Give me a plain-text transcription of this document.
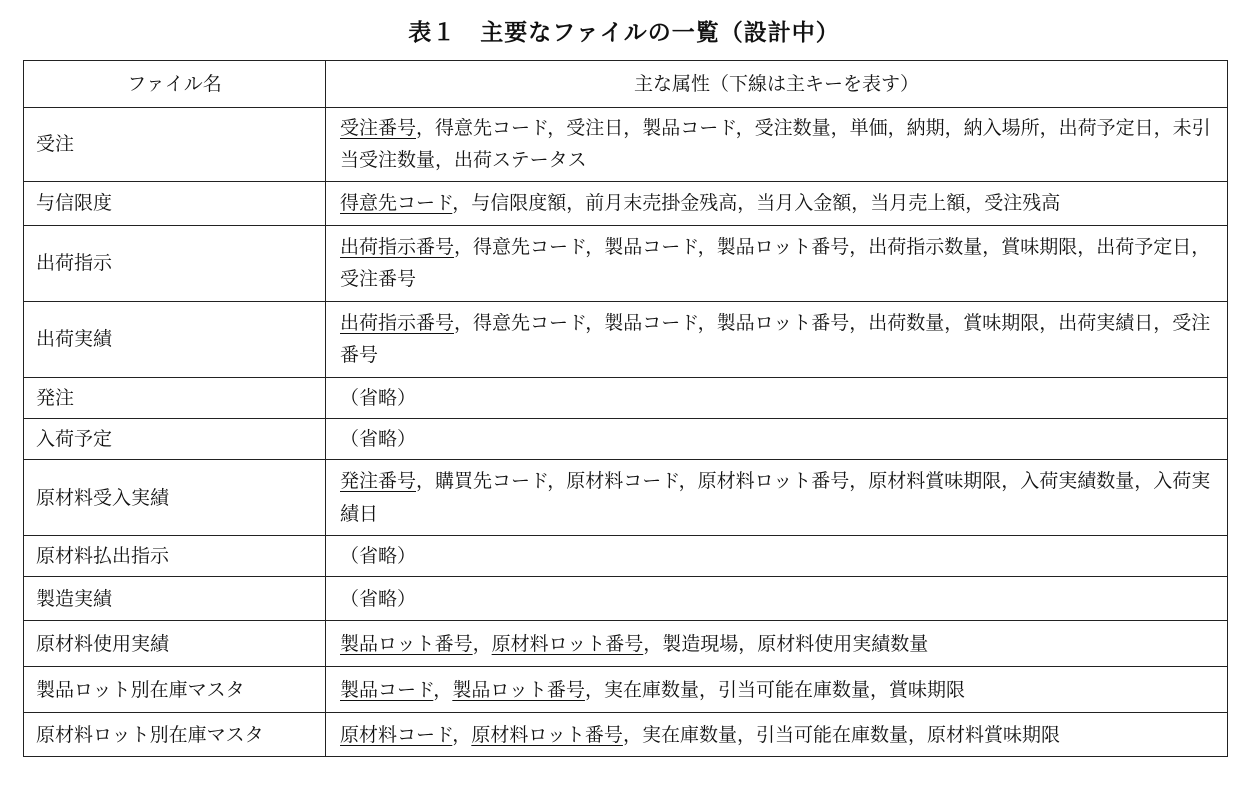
表１　主要なファイルの一覧（設計中）
ファイル名	主な属性（下線は主キーを表す）
受注	受注番号，得意先コード，受注日，製品コード，受注数量，単価，納期，納入場所，出荷予定日，未引当受注数量，出荷ステータス
与信限度	得意先コード，与信限度額，前月末売掛金残高，当月入金額，当月売上額，受注残高
出荷指示	出荷指示番号，得意先コード，製品コード，製品ロット番号，出荷指示数量，賞味期限，出荷予定日，受注番号
出荷実績	出荷指示番号，得意先コード，製品コード，製品ロット番号，出荷数量，賞味期限，出荷実績日，受注番号
発注	（省略）
入荷予定	（省略）
原材料受入実績	発注番号，購買先コード，原材料コード，原材料ロット番号，原材料賞味期限，入荷実績数量，入荷実績日
原材料払出指示	（省略）
製造実績	（省略）
原材料使用実績	製品ロット番号，原材料ロット番号，製造現場，原材料使用実績数量
製品ロット別在庫マスタ	製品コード，製品ロット番号，実在庫数量，引当可能在庫数量，賞味期限
原材料ロット別在庫マスタ	原材料コード，原材料ロット番号，実在庫数量，引当可能在庫数量，原材料賞味期限
